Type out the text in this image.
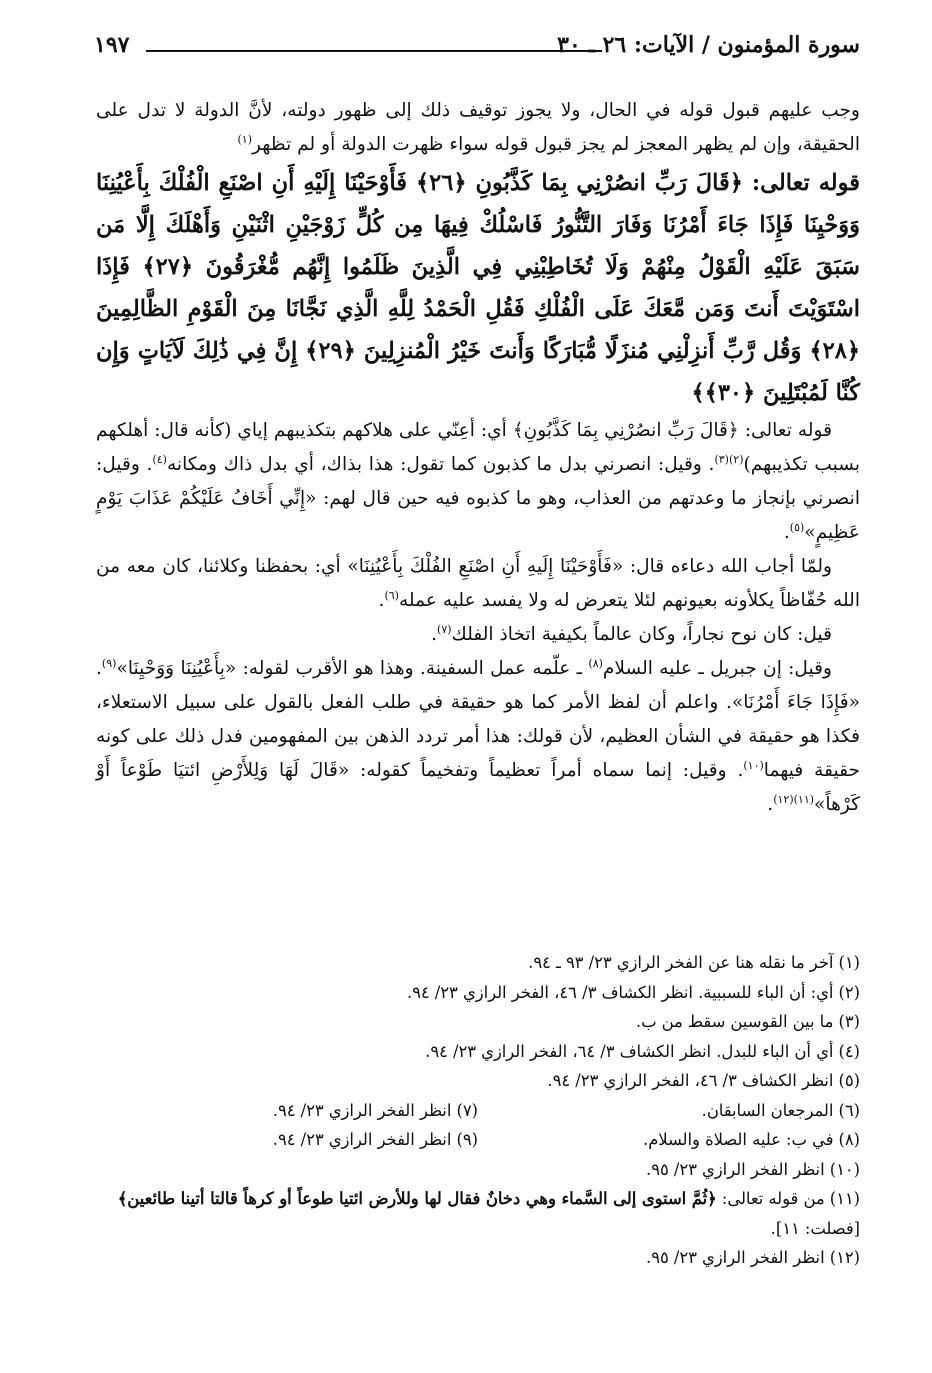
سورة المؤمنون / الآيات: ٢٦ ـ ٣٠
١٩٧

وجب عليهم قبول قوله في الحال، ولا يجوز توقيف ذلك إلى ظهور دولته، لأنَّ الدولة لا تدل على الحقيقة، وإن لم يظهر المعجز لم يجز قبول قوله سواء ظهرت الدولة أو لم تظهر$^{(١)}$

قوله تعالى: ﴿قَالَ رَبِّ انصُرْنِي بِمَا كَذَّبُونِ ﴿٢٦﴾ فَأَوْحَيْنَا إِلَيْهِ أَنِ اصْنَعِ الْفُلْكَ بِأَعْيُنِنَا وَوَحْيِنَا فَإِذَا جَاءَ أَمْرُنَا وَفَارَ التَّنُّورُ فَاسْلُكْ فِيهَا مِن كُلٍّ زَوْجَيْنِ اثْنَيْنِ وَأَهْلَكَ إِلَّا مَن سَبَقَ عَلَيْهِ الْقَوْلُ مِنْهُمْ وَلَا تُخَاطِبْنِي فِي الَّذِينَ ظَلَمُوا إِنَّهُم مُّغْرَقُونَ ﴿٢٧﴾ فَإِذَا اسْتَوَيْتَ أَنتَ وَمَن مَّعَكَ عَلَى الْفُلْكِ فَقُلِ الْحَمْدُ لِلَّهِ الَّذِي نَجَّانَا مِنَ الْقَوْمِ الظَّالِمِينَ ﴿٢٨﴾ وَقُل رَّبِّ أَنزِلْنِي مُنزَلًا مُّبَارَكًا وَأَنتَ خَيْرُ الْمُنزِلِينَ ﴿٢٩﴾ إِنَّ فِي ذَٰلِكَ لَآيَاتٍ وَإِن كُنَّا لَمُبْتَلِينَ ﴿٣٠﴾﴾

قوله تعالى: ﴿قَالَ رَبِّ انصُرْنِي بِمَا كَذَّبُونِ﴾ أي: أعِنّي على هلاكهم بتكذيبهم إياي (كأنه قال: أهلكهم بسبب تكذيبهم)$^{(٢)(٣)}$. وقيل: انصرني بدل ما كذبون كما تقول: هذا بذاك، أي بدل ذاك ومكانه$^{(٤)}$. وقيل: انصرني بإنجاز ما وعدتهم من العذاب، وهو ما كذبوه فيه حين قال لهم: «إِنِّي أَخَافُ عَلَيْكُمْ عَذَابَ يَوْمٍ عَظِيمٍ»$^{(٥)}$.

ولمّا أجاب الله دعاءه قال: «فَأَوْحَيْنَا إِلَيهِ أَنِ اصْنَعِ الفُلْكَ بِأَعْيُنِنَا» أي: بحفظنا وكلائنا، كان معه من الله حُفّاظاً يكلأونه بعيونهم لئلا يتعرض له ولا يفسد عليه عمله$^{(٦)}$.

قيل: كان نوح نجاراً، وكان عالماً بكيفية اتخاذ الفلك$^{(٧)}$.

وقيل: إن جبريل ـ عليه السلام$^{(٨)}$ ـ علّمه عمل السفينة. وهذا هو الأقرب لقوله: «بِأَعْيُنِنَا وَوَحْيِنَا»$^{(٩)}$. «فَإِذَا جَاءَ أَمْرُنَا». واعلم أن لفظ الأمر كما هو حقيقة في طلب الفعل بالقول على سبيل الاستعلاء، فكذا هو حقيقة في الشأن العظيم، لأن قولك: هذا أمر تردد الذهن بين المفهومين فدل ذلك على كونه حقيقة فيهما$^{(١٠)}$. وقيل: إنما سماه أمراً تعظيماً وتفخيماً كقوله: «قَالَ لَهَا وَلِلأَرْضِ ائتيَا طَوْعاً أَوْ كَرْهاً»$^{(١١)(١٢)}$.

(١) آخر ما نقله هنا عن الفخر الرازي ٢٣/ ٩٣ ـ ٩٤.
(٢) أي: أن الباء للسببية. انظر الكشاف ٣/ ٤٦، الفخر الرازي ٢٣/ ٩٤.
(٣) ما بين القوسين سقط من ب.
(٤) أي أن الباء للبدل. انظر الكشاف ٣/ ٦٤، الفخر الرازي ٢٣/ ٩٤.
(٥) انظر الكشاف ٣/ ٤٦، الفخر الرازي ٢٣/ ٩٤.
(٦) المرجعان السابقان.
(٧) انظر الفخر الرازي ٢٣/ ٩٤.
(٨) في ب: عليه الصلاة والسلام.
(٩) انظر الفخر الرازي ٢٣/ ٩٤.
(١٠) انظر الفخر الرازي ٢٣/ ٩٥.
(١١) من قوله تعالى: ﴿ثُمَّ استوى إلى السَّماء وهي دخانٌ فقال لها وللأرض ائتيا طوعاً أو كرهاً قالتا أتينا طائعين﴾ [فصلت: ١١].
(١٢) انظر الفخر الرازي ٢٣/ ٩٥.
